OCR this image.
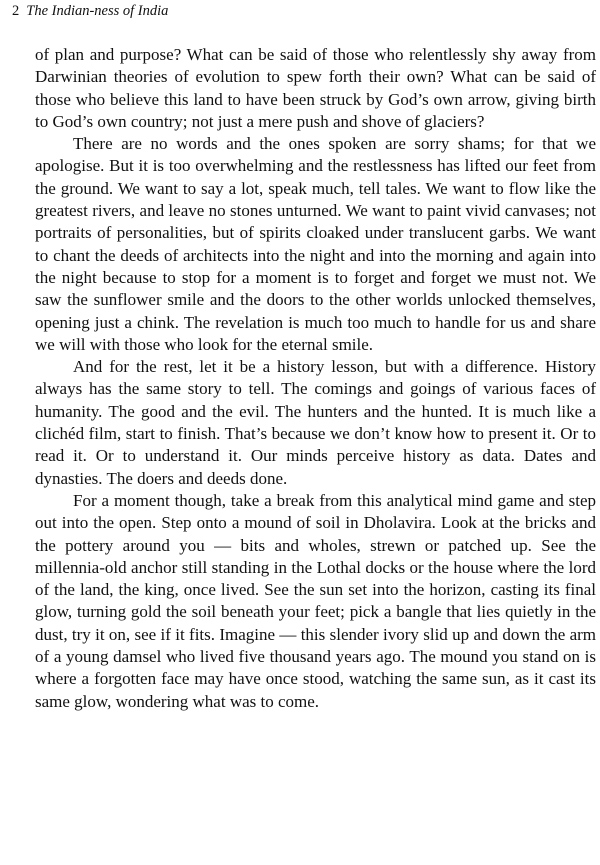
2 The Indian-ness of India

of plan and purpose? What can be said of those who relentlessly shy away from Darwinian theories of evolution to spew forth their own? What can be said of those who believe this land to have been struck by God’s own arrow, giving birth to God’s own country; not just a mere push and shove of glaciers?

There are no words and the ones spoken are sorry shams; for that we apologise. But it is too overwhelming and the restlessness has lifted our feet from the ground. We want to say a lot, speak much, tell tales. We want to flow like the greatest rivers, and leave no stones unturned. We want to paint vivid canvases; not portraits of personalities, but of spirits cloaked under translucent garbs. We want to chant the deeds of architects into the night and into the morning and again into the night because to stop for a moment is to forget and forget we must not. We saw the sunflower smile and the doors to the other worlds unlocked themselves, opening just a chink. The revelation is much too much to handle for us and share we will with those who look for the eternal smile.

And for the rest, let it be a history lesson, but with a difference. History always has the same story to tell. The comings and goings of various faces of humanity. The good and the evil. The hunters and the hunted. It is much like a clichéd film, start to finish. That’s because we don’t know how to present it. Or to read it. Or to understand it. Our minds perceive history as data. Dates and dynasties. The doers and deeds done.

For a moment though, take a break from this analytical mind game and step out into the open. Step onto a mound of soil in Dholavira. Look at the bricks and the pottery around you — bits and wholes, strewn or patched up. See the millennia-old anchor still standing in the Lothal docks or the house where the lord of the land, the king, once lived. See the sun set into the horizon, casting its final glow, turning gold the soil beneath your feet; pick a bangle that lies quietly in the dust, try it on, see if it fits. Imagine — this slender ivory slid up and down the arm of a young damsel who lived five thousand years ago. The mound you stand on is where a forgotten face may have once stood, watching the same sun, as it cast its same glow, wondering what was to come.
